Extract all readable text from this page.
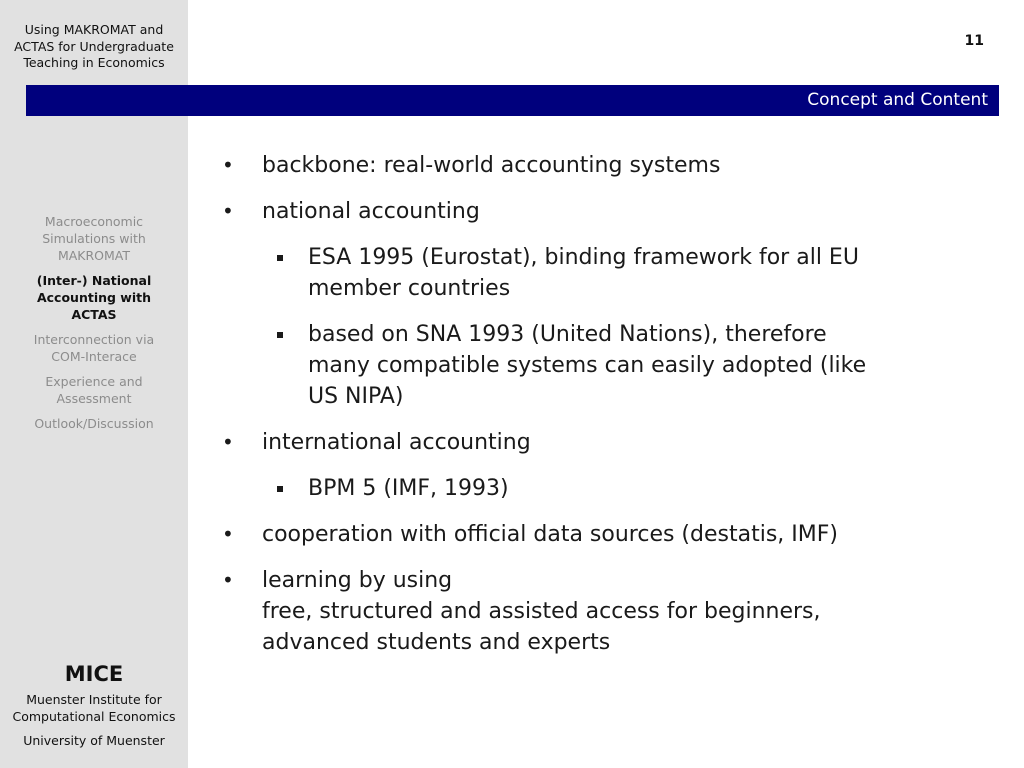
Using MAKROMAT and
ACTAS for Undergraduate
Teaching in Economics
Macroeconomic
Simulations with
MAKROMAT
(Inter-) National
Accounting with
ACTAS
Interconnection via
COM-Interace
Experience and
Assessment
Outlook/Discussion
MICE
Muenster Institute for
Computational Economics
University of Muenster
11
Concept and Content
• backbone: real-world accounting systems
• national accounting
ESA 1995 (Eurostat), binding framework for all EU
member countries
based on SNA 1993 (United Nations), therefore
many compatible systems can easily adopted (like
US NIPA)
• international accounting
BPM 5 (IMF, 1993)
• cooperation with official data sources (destatis, IMF)
• learning by using
free, structured and assisted access for beginners,
advanced students and experts
